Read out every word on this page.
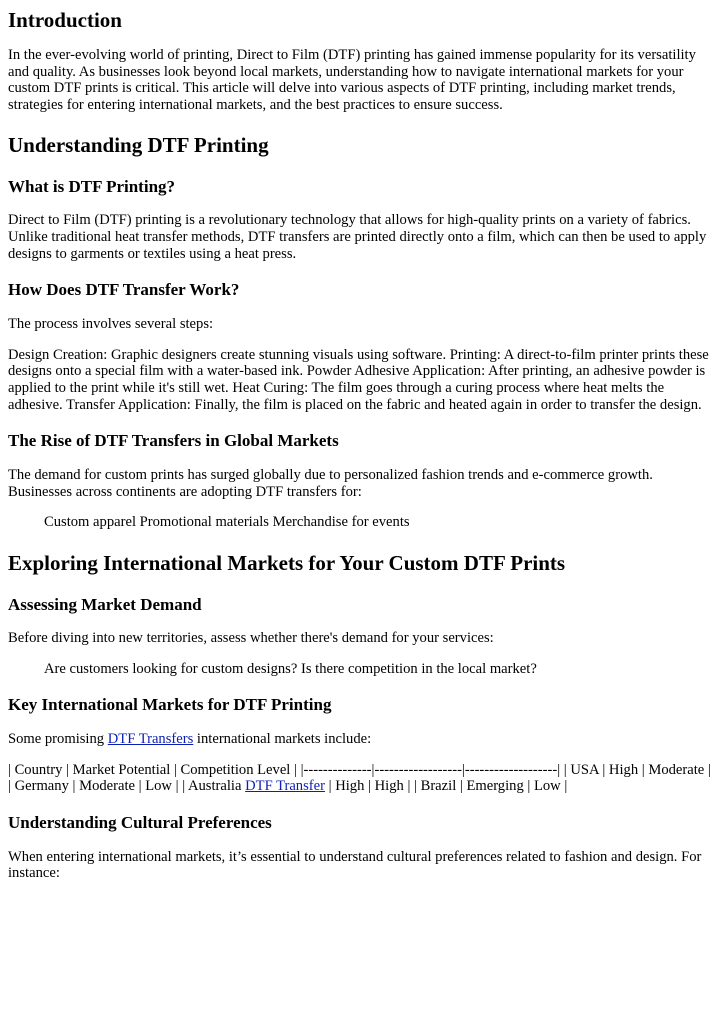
Introduction

In the ever-evolving world of printing, Direct to Film (DTF) printing has gained immense popularity for its versatility and quality. As businesses look beyond local markets, understanding how to navigate international markets for your custom DTF prints is critical. This article will delve into various aspects of DTF printing, including market trends, strategies for entering international markets, and the best practices to ensure success.

Understanding DTF Printing
What is DTF Printing?

Direct to Film (DTF) printing is a revolutionary technology that allows for high-quality prints on a variety of fabrics. Unlike traditional heat transfer methods, DTF transfers are printed directly onto a film, which can then be used to apply designs to garments or textiles using a heat press.

How Does DTF Transfer Work?

The process involves several steps:

Design Creation: Graphic designers create stunning visuals using software. Printing: A direct-to-film printer prints these designs onto a special film with a water-based ink. Powder Adhesive Application: After printing, an adhesive powder is applied to the print while it's still wet. Heat Curing: The film goes through a curing process where heat melts the adhesive. Transfer Application: Finally, the film is placed on the fabric and heated again in order to transfer the design.

The Rise of DTF Transfers in Global Markets

The demand for custom prints has surged globally due to personalized fashion trends and e-commerce growth. Businesses across continents are adopting DTF transfers for:

Custom apparel Promotional materials Merchandise for events

Exploring International Markets for Your Custom DTF Prints
Assessing Market Demand

Before diving into new territories, assess whether there's demand for your services:

Are customers looking for custom designs? Is there competition in the local market?

Key International Markets for DTF Printing

Some promising DTF Transfers international markets include:

| Country | Market Potential | Competition Level | |--------------|------------------|-------------------| | USA | High | Moderate | | Germany | Moderate | Low | | Australia DTF Transfer | High | High | | Brazil | Emerging | Low |

Understanding Cultural Preferences

When entering international markets, it’s essential to understand cultural preferences related to fashion and design. For instance:
